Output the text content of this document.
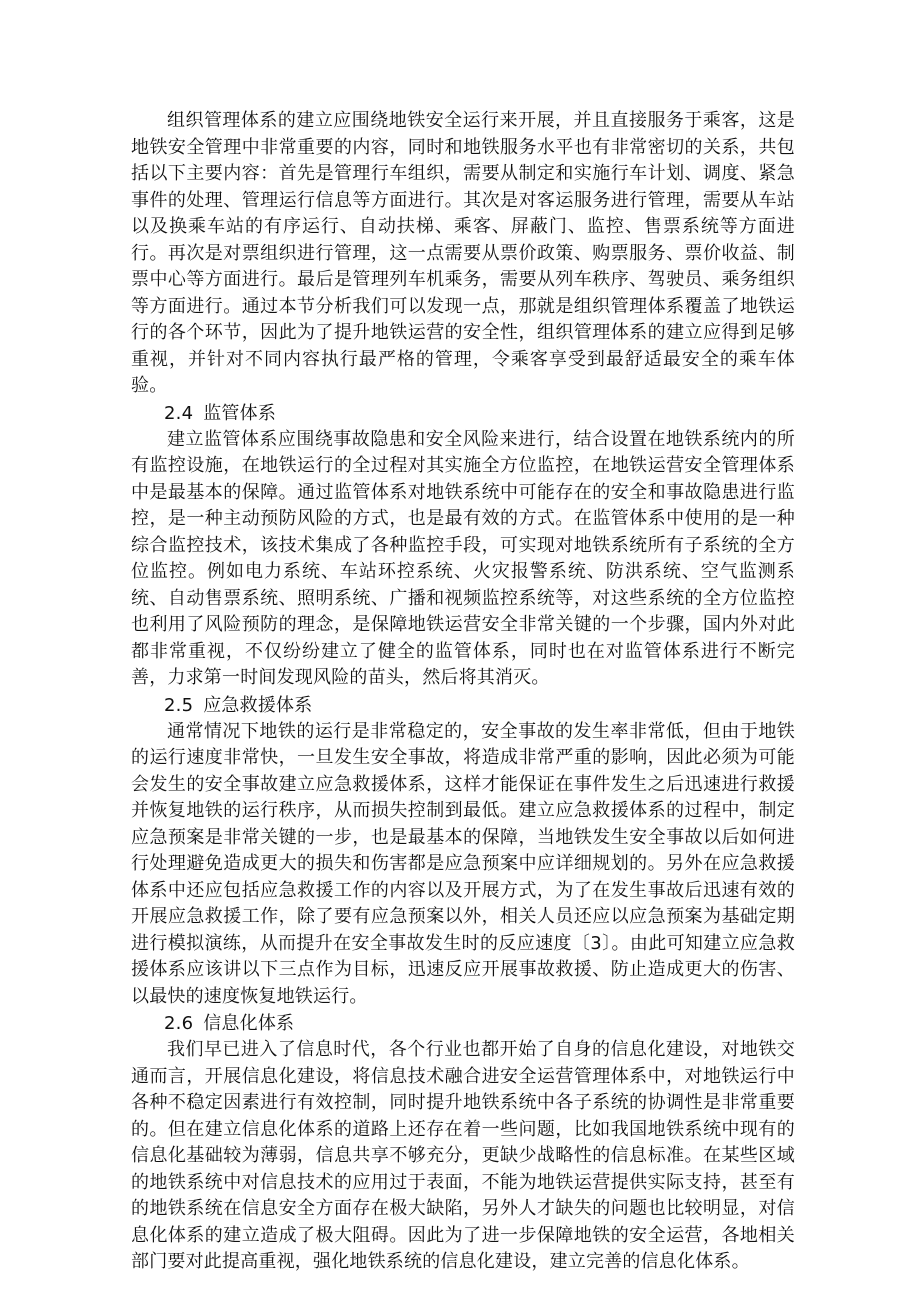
组织管理体系的建立应围绕地铁安全运行来开展，并且直接服务于乘客，这是地铁安全管理中非常重要的内容，同时和地铁服务水平也有非常密切的关系，共包括以下主要内容：首先是管理行车组织，需要从制定和实施行车计划、调度、紧急事件的处理、管理运行信息等方面进行。其次是对客运服务进行管理，需要从车站以及换乘车站的有序运行、自动扶梯、乘客、屏蔽门、监控、售票系统等方面进行。再次是对票组织进行管理，这一点需要从票价政策、购票服务、票价收益、制票中心等方面进行。最后是管理列车机乘务，需要从列车秩序、驾驶员、乘务组织等方面进行。通过本节分析我们可以发现一点，那就是组织管理体系覆盖了地铁运行的各个环节，因此为了提升地铁运营的安全性，组织管理体系的建立应得到足够重视，并针对不同内容执行最严格的管理，令乘客享受到最舒适最安全的乘车体验。

2.4 监管体系

建立监管体系应围绕事故隐患和安全风险来进行，结合设置在地铁系统内的所有监控设施，在地铁运行的全过程对其实施全方位监控，在地铁运营安全管理体系中是最基本的保障。通过监管体系对地铁系统中可能存在的安全和事故隐患进行监控，是一种主动预防风险的方式，也是最有效的方式。在监管体系中使用的是一种综合监控技术，该技术集成了各种监控手段，可实现对地铁系统所有子系统的全方位监控。例如电力系统、车站环控系统、火灾报警系统、防洪系统、空气监测系统、自动售票系统、照明系统、广播和视频监控系统等，对这些系统的全方位监控也利用了风险预防的理念，是保障地铁运营安全非常关键的一个步骤，国内外对此都非常重视，不仅纷纷建立了健全的监管体系，同时也在对监管体系进行不断完善，力求第一时间发现风险的苗头，然后将其消灭。

2.5 应急救援体系

通常情况下地铁的运行是非常稳定的，安全事故的发生率非常低，但由于地铁的运行速度非常快，一旦发生安全事故，将造成非常严重的影响，因此必须为可能会发生的安全事故建立应急救援体系，这样才能保证在事件发生之后迅速进行救援并恢复地铁的运行秩序，从而损失控制到最低。建立应急救援体系的过程中，制定应急预案是非常关键的一步，也是最基本的保障，当地铁发生安全事故以后如何进行处理避免造成更大的损失和伤害都是应急预案中应详细规划的。另外在应急救援体系中还应包括应急救援工作的内容以及开展方式，为了在发生事故后迅速有效的开展应急救援工作，除了要有应急预案以外，相关人员还应以应急预案为基础定期进行模拟演练，从而提升在安全事故发生时的反应速度〔3〕。由此可知建立应急救援体系应该讲以下三点作为目标，迅速反应开展事故救援、防止造成更大的伤害、以最快的速度恢复地铁运行。

2.6 信息化体系

我们早已进入了信息时代，各个行业也都开始了自身的信息化建设，对地铁交通而言，开展信息化建设，将信息技术融合进安全运营管理体系中，对地铁运行中各种不稳定因素进行有效控制，同时提升地铁系统中各子系统的协调性是非常重要的。但在建立信息化体系的道路上还存在着一些问题，比如我国地铁系统中现有的信息化基础较为薄弱，信息共享不够充分，更缺少战略性的信息标准。在某些区域的地铁系统中对信息技术的应用过于表面，不能为地铁运营提供实际支持，甚至有的地铁系统在信息安全方面存在极大缺陷，另外人才缺失的问题也比较明显，对信息化体系的建立造成了极大阻碍。因此为了进一步保障地铁的安全运营，各地相关部门要对此提高重视，强化地铁系统的信息化建设，建立完善的信息化体系。
